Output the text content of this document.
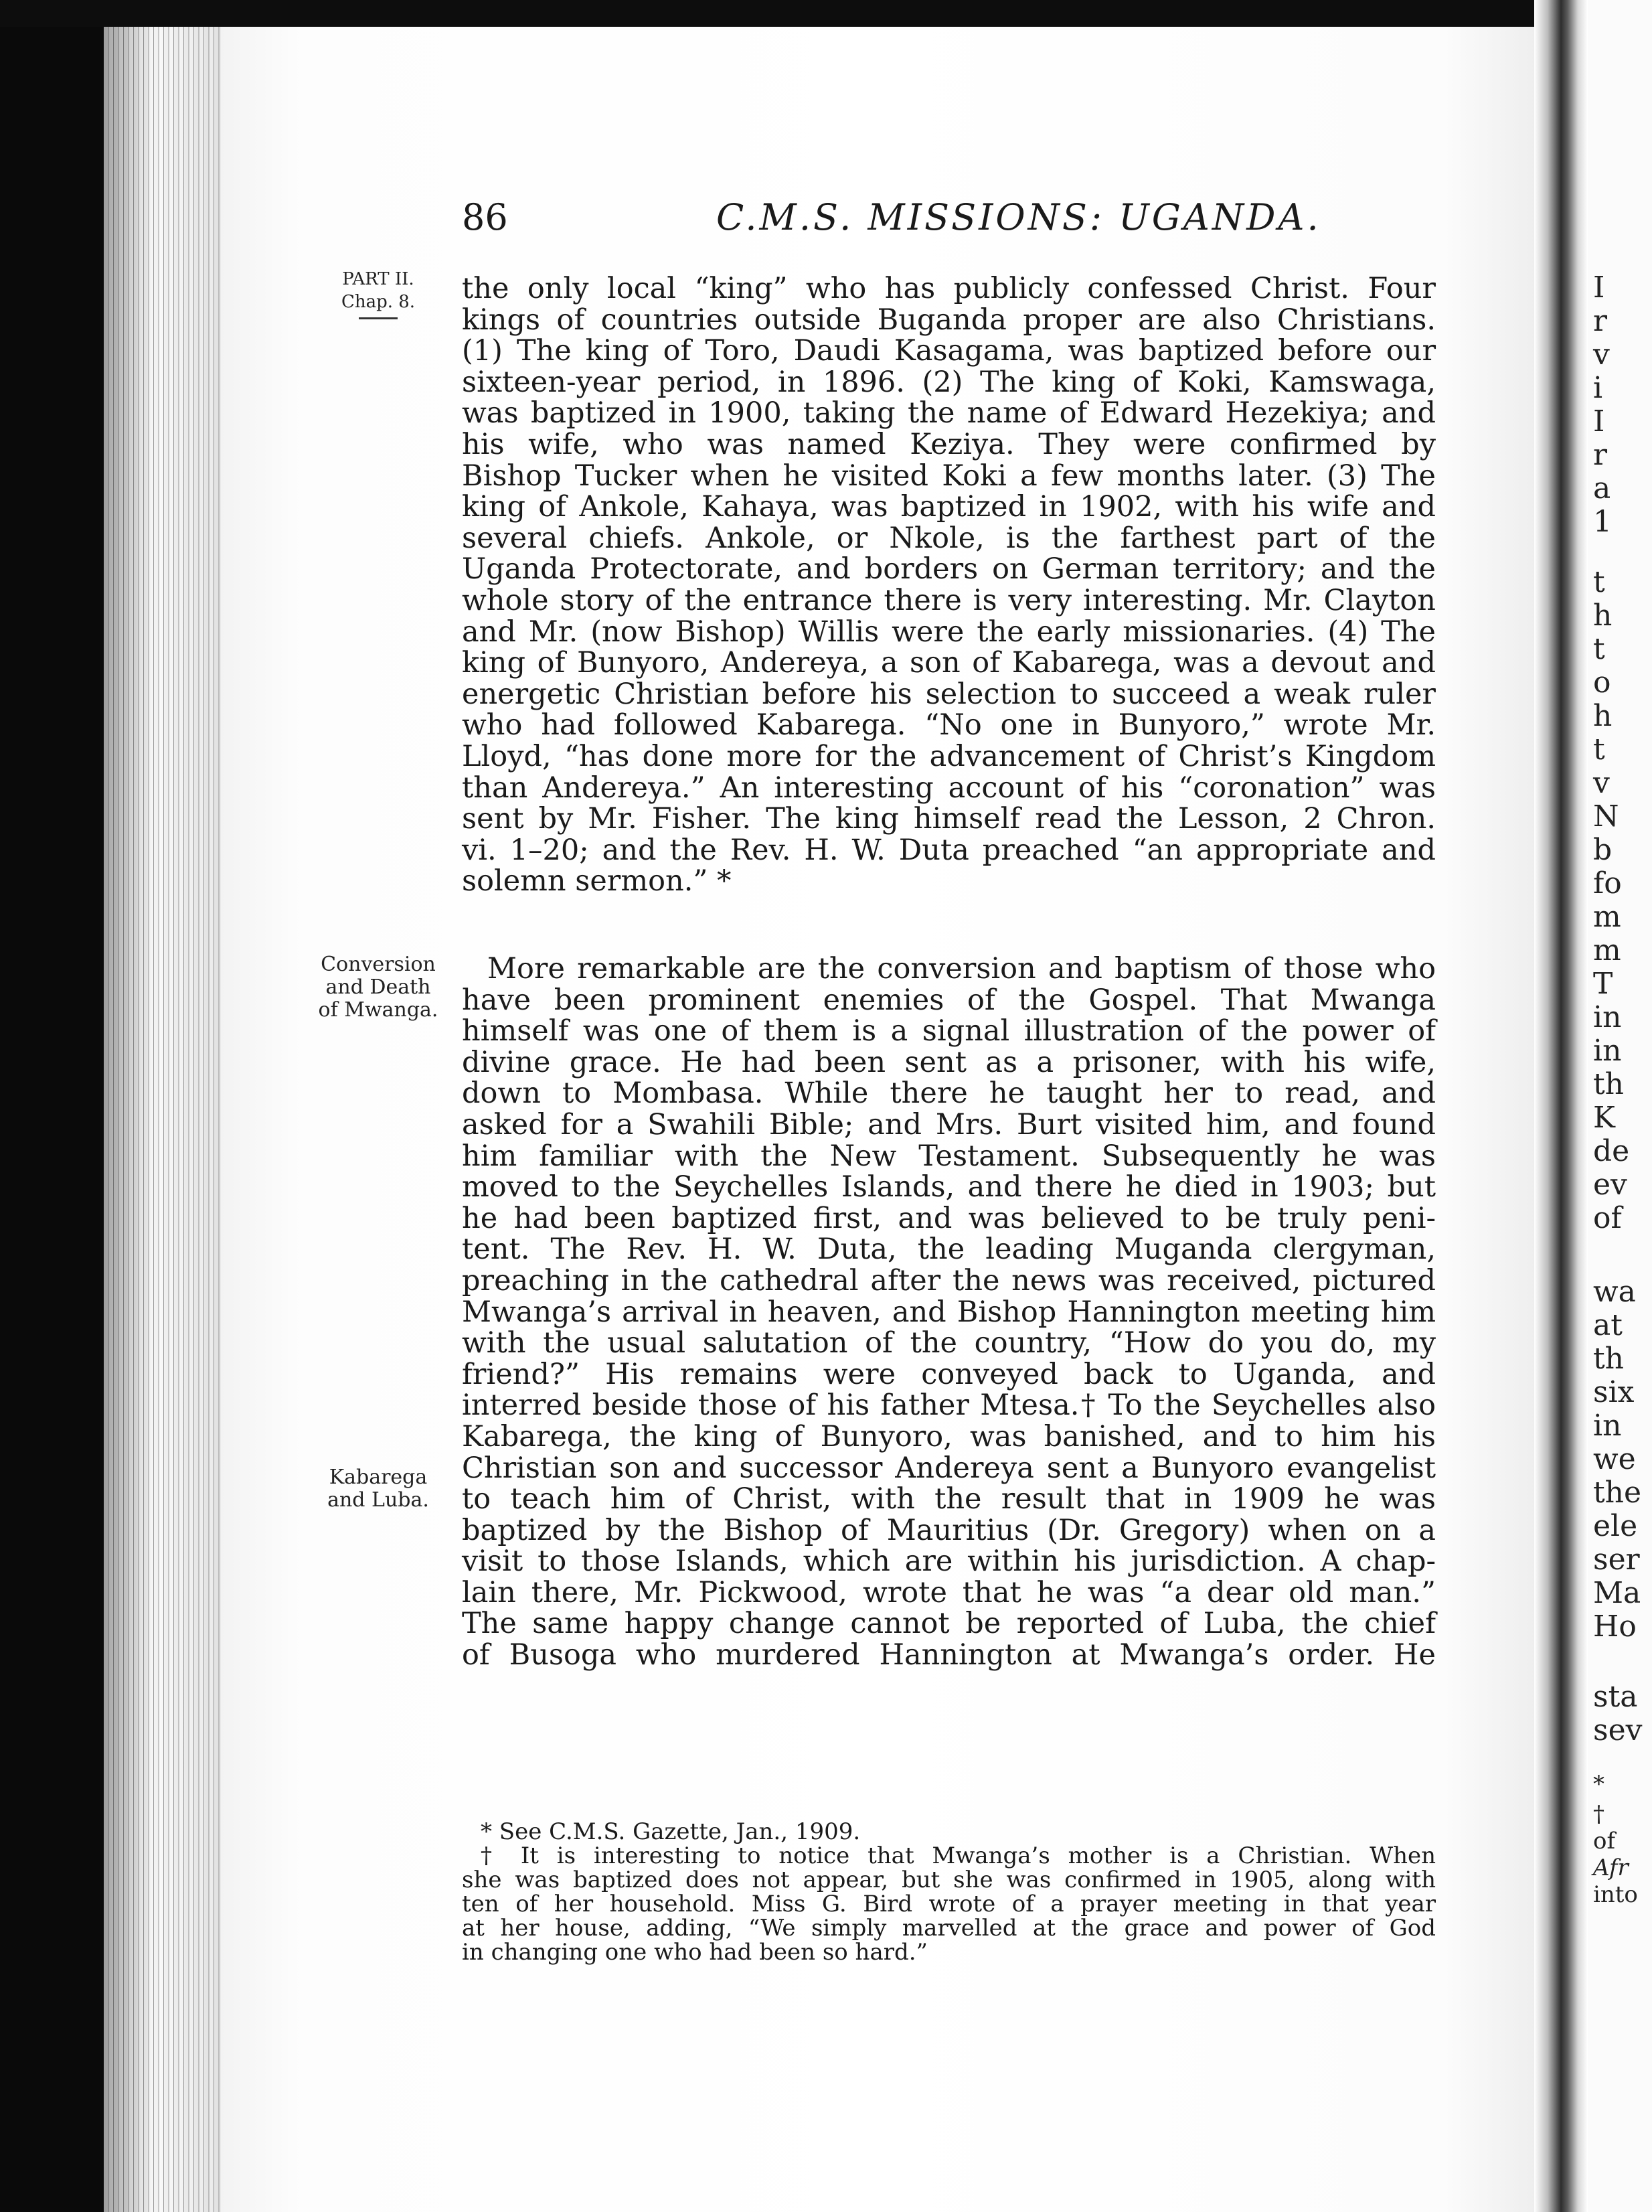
I
r
v
i
I
r
a
1
t
h
t
o
h
t
v
N
b
fo
m
m
T
in
in
th
K
de
ev
of
wa
at
th
six
in
we
the
ele
ser
Ma
Ho
sta
sev
*
†
of
Afr
into
86	C.M.S. MISSIONS: UGANDA.
PART II.
Chap. 8.
Conversion
and Death
of Mwanga.
Kabarega
and Luba.
the only local “king” who has publicly confessed Christ. Four
kings of countries outside Buganda proper are also Christians.
(1) The king of Toro, Daudi Kasagama, was baptized before our
sixteen-year period, in 1896. (2) The king of Koki, Kamswaga,
was baptized in 1900, taking the name of Edward Hezekiya; and
his wife, who was named Keziya. They were confirmed by
Bishop Tucker when he visited Koki a few months later. (3) The
king of Ankole, Kahaya, was baptized in 1902, with his wife and
several chiefs. Ankole, or Nkole, is the farthest part of the
Uganda Protectorate, and borders on German territory; and the
whole story of the entrance there is very interesting. Mr. Clayton
and Mr. (now Bishop) Willis were the early missionaries. (4) The
king of Bunyoro, Andereya, a son of Kabarega, was a devout and
energetic Christian before his selection to succeed a weak ruler
who had followed Kabarega. “No one in Bunyoro,” wrote Mr.
Lloyd, “has done more for the advancement of Christ’s Kingdom
than Andereya.” An interesting account of his “coronation” was
sent by Mr. Fisher. The king himself read the Lesson, 2 Chron.
vi. 1–20; and the Rev. H. W. Duta preached “an appropriate and
solemn sermon.” *
More remarkable are the conversion and baptism of those who
have been prominent enemies of the Gospel. That Mwanga
himself was one of them is a signal illustration of the power of
divine grace. He had been sent as a prisoner, with his wife,
down to Mombasa. While there he taught her to read, and
asked for a Swahili Bible; and Mrs. Burt visited him, and found
him familiar with the New Testament. Subsequently he was
moved to the Seychelles Islands, and there he died in 1903; but
he had been baptized first, and was believed to be truly peni-
tent. The Rev. H. W. Duta, the leading Muganda clergyman,
preaching in the cathedral after the news was received, pictured
Mwanga’s arrival in heaven, and Bishop Hannington meeting him
with the usual salutation of the country, “How do you do, my
friend?” His remains were conveyed back to Uganda, and
interred beside those of his father Mtesa.† To the Seychelles also
Kabarega, the king of Bunyoro, was banished, and to him his
Christian son and successor Andereya sent a Bunyoro evangelist
to teach him of Christ, with the result that in 1909 he was
baptized by the Bishop of Mauritius (Dr. Gregory) when on a
visit to those Islands, which are within his jurisdiction. A chap-
lain there, Mr. Pickwood, wrote that he was “a dear old man.”
The same happy change cannot be reported of Luba, the chief
of Busoga who murdered Hannington at Mwanga’s order. He
* See C.M.S. Gazette, Jan., 1909.
† It is interesting to notice that Mwanga’s mother is a Christian. When
she was baptized does not appear, but she was confirmed in 1905, along with
ten of her household. Miss G. Bird wrote of a prayer meeting in that year
at her house, adding, “We simply marvelled at the grace and power of God
in changing one who had been so hard.”
